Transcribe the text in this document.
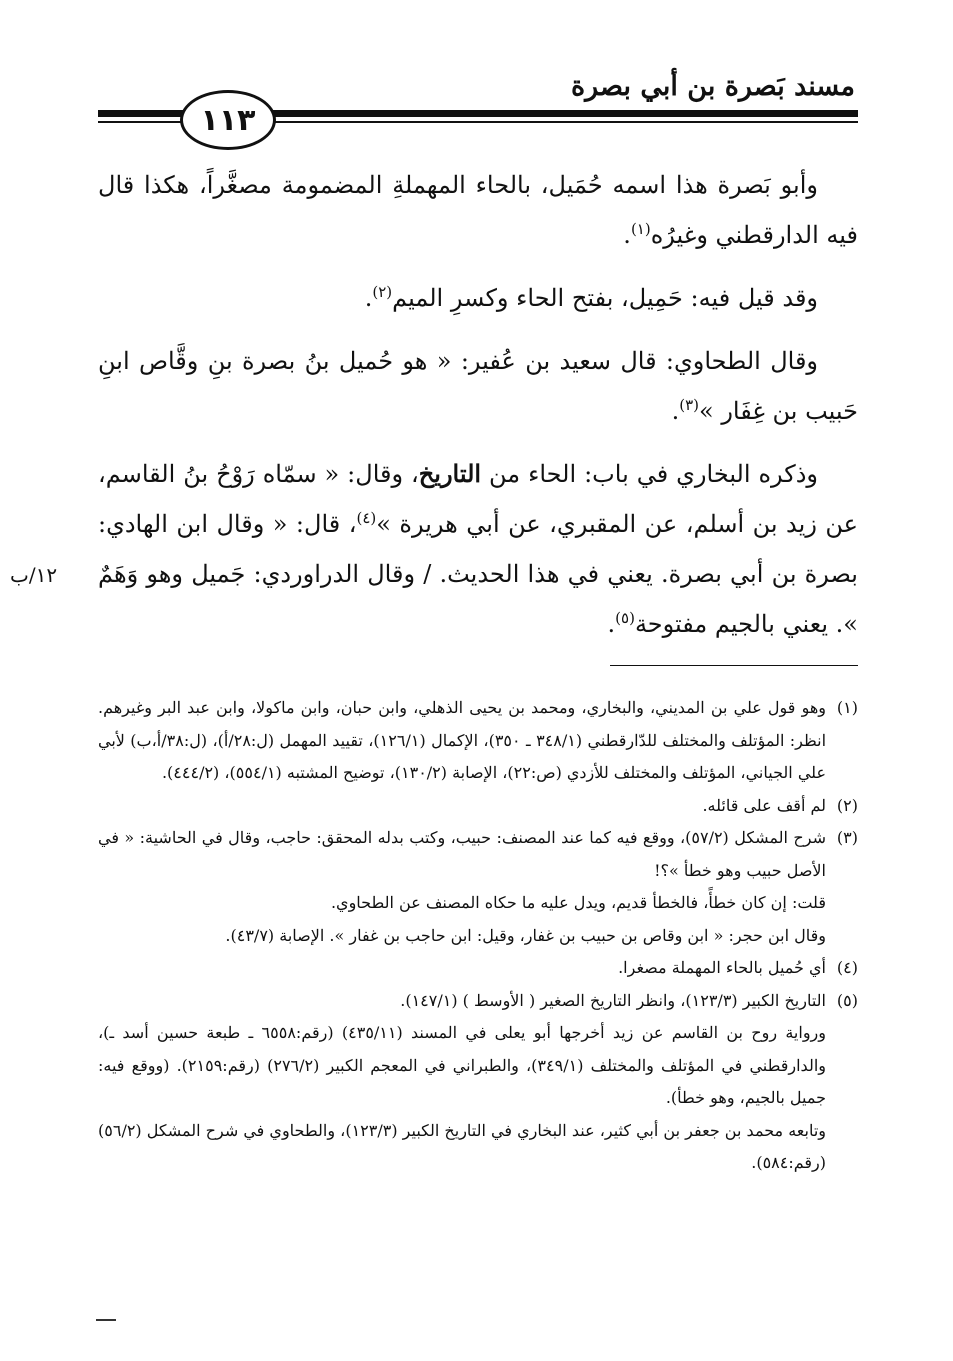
مسند بَصرة بن أبي بصرة
١١٣

وأبو بَصرة هذا اسمه حُمَيل، بالحاء المهملةِ المضمومة مصغَّراً، هكذا قال فيه الدارقطني وغيرُه$^{(١)}$.

وقد قيل فيه: حَمِيل، بفتح الحاء وكسرِ الميم$^{(٢)}$.

وقال الطحاوي: قال سعيد بن عُفير: « هو حُميل بنُ بصرة بنِ وقَّاص ابنِ حَبيب بن غِفَار »$^{(٣)}$.

وذكره البخاري في باب: الحاء من التاريخ، وقال: « سمّاه رَوْحُ بنُ القاسم، عن زيد بن أسلم، عن المقبري، عن أبي هريرة »$^{(٤)}$، قال: « وقال ابن الهادي: بصرة بن أبي بصرة. يعني في هذا الحديث. / وقال الدراوردي: جَميل وهو وَهَمٌ ». يعني بالجيم مفتوحة$^{(٥)}$.

١٢/ب

(١)وهو قول علي بن المديني، والبخاري، ومحمد بن يحيى الذهلي، وابن حبان، وابن ماكولا، وابن عبد البر وغيرهم. انظر: المؤتلف والمختلف للدّارقطني (٣٤٨/١ ـ ٣٥٠)، الإكمال (١٢٦/١)، تقييد المهمل (ل:٢٨/أ)، (ل:٣٨/أ،ب) لأبي علي الجياني، المؤتلف والمختلف للأزدي (ص:٢٢)، الإصابة (١٣٠/٢)، توضيح المشتبه (٥٥٤/١)، (٤٤٤/٢).

(٢)لم أقف على قائله.

(٣)شرح المشكل (٥٧/٢)، ووقع فيه كما عند المصنف: حبيب، وكتب بدله المحقق: حاجب، وقال في الحاشية: « في الأصل حبيب وهو خطأ »؟!

قلت: إن كان خطأً، فالخطأ قديم، ويدل عليه ما حكاه المصنف عن الطحاوي.

وقال ابن حجر: « ابن وقاص بن حبيب بن غفار، وقيل: ابن حاجب بن غفار ». الإصابة (٤٣/٧).

(٤)أي حُميل بالحاء المهملة مصغرا.

(٥)التاريخ الكبير (١٢٣/٣)، وانظر التاريخ الصغير ( الأوسط ) (١٤٧/١).

ورواية روح بن القاسم عن زيد أخرجها أبو يعلى في المسند (٤٣٥/١١) (رقم:٦٥٥٨ ـ طبعة حسين أسد ـ)، والدارقطني في المؤتلف والمختلف (٣٤٩/١)، والطبراني في المعجم الكبير (٢٧٦/٢) (رقم:٢١٥٩). (ووقع فيه: جميل بالجيم، وهو خطأ).

وتابعه محمد بن جعفر بن أبي كثير، عند البخاري في التاريخ الكبير (١٢٣/٣)، والطحاوي في شرح المشكل (٥٦/٢) (رقم:٥٨٤).
